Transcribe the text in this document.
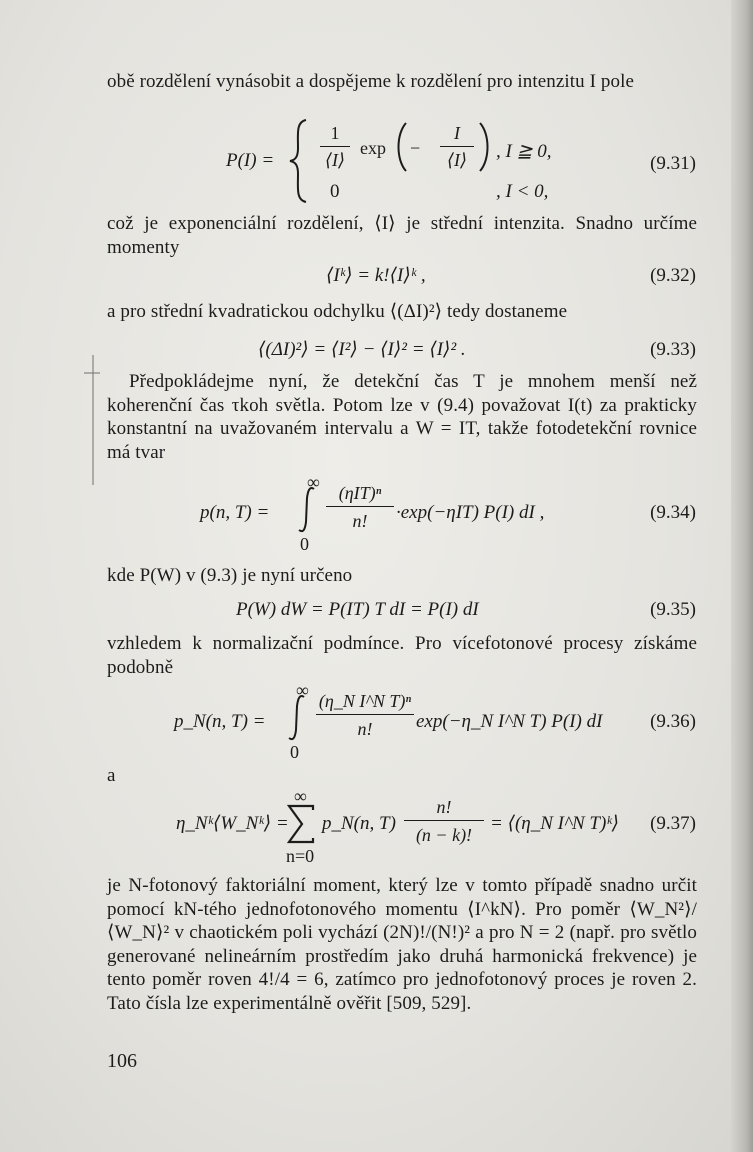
obě rozdělení vynásobit a dospějeme k rozdělení pro intenzitu I pole

P(I) =
1
⟨I⟩
exp −
I
⟨I⟩	, I ≧ 0,
0	, I < 0,
(9.31)

což je exponenciální rozdělení, ⟨I⟩ je střední intenzita. Snadno určíme momenty

⟨Iᵏ⟩ = k!⟨I⟩ᵏ ,	(9.32)

a pro střední kvadratickou odchylku ⟨(ΔI)²⟩ tedy dostaneme

⟨(ΔI)²⟩ = ⟨I²⟩ − ⟨I⟩² = ⟨I⟩² .	(9.33)

Předpokládejme nyní, že detekční čas T je mnohem menší než koherenční čas τkoh světla. Potom lze v (9.4) považovat I(t) za prakticky konstantní na uvažovaném intervalu a W = IT, takže fotodetekční rovnice má tvar

p(n, T) =
∞
0
(ηIT)ⁿ
n!	·exp(−ηIT) P(I) dI ,	(9.34)

kde P(W) v (9.3) je nyní určeno

P(W) dW = P(IT) T dI = P(I) dI	(9.35)

vzhledem k normalizační podmínce. Pro vícefotonové procesy získáme podobně

p_N(n, T) =
∞
0
(η_N I^N T)ⁿ
n!	exp(−η_N I^N T) P(I) dI	(9.36)

a

η_Nᵏ⟨W_Nᵏ⟩ =
∞
n=0
p_N(n, T)
n!
(n − k)!
= ⟨(η_N I^N T)ᵏ⟩	(9.37)

je N-fotonový faktoriální moment, který lze v tomto případě snadno určit pomocí kN-tého jednofotonového momentu ⟨I^kN⟩. Pro poměr ⟨W_N²⟩/⟨W_N⟩² v chaotickém poli vychází (2N)!/(N!)² a pro N = 2 (např. pro světlo generované nelineárním prostředím jako druhá harmonická frekvence) je tento poměr roven 4!/4 = 6, zatímco pro jednofotonový proces je roven 2. Tato čísla lze experimentálně ověřit [509, 529].

106
